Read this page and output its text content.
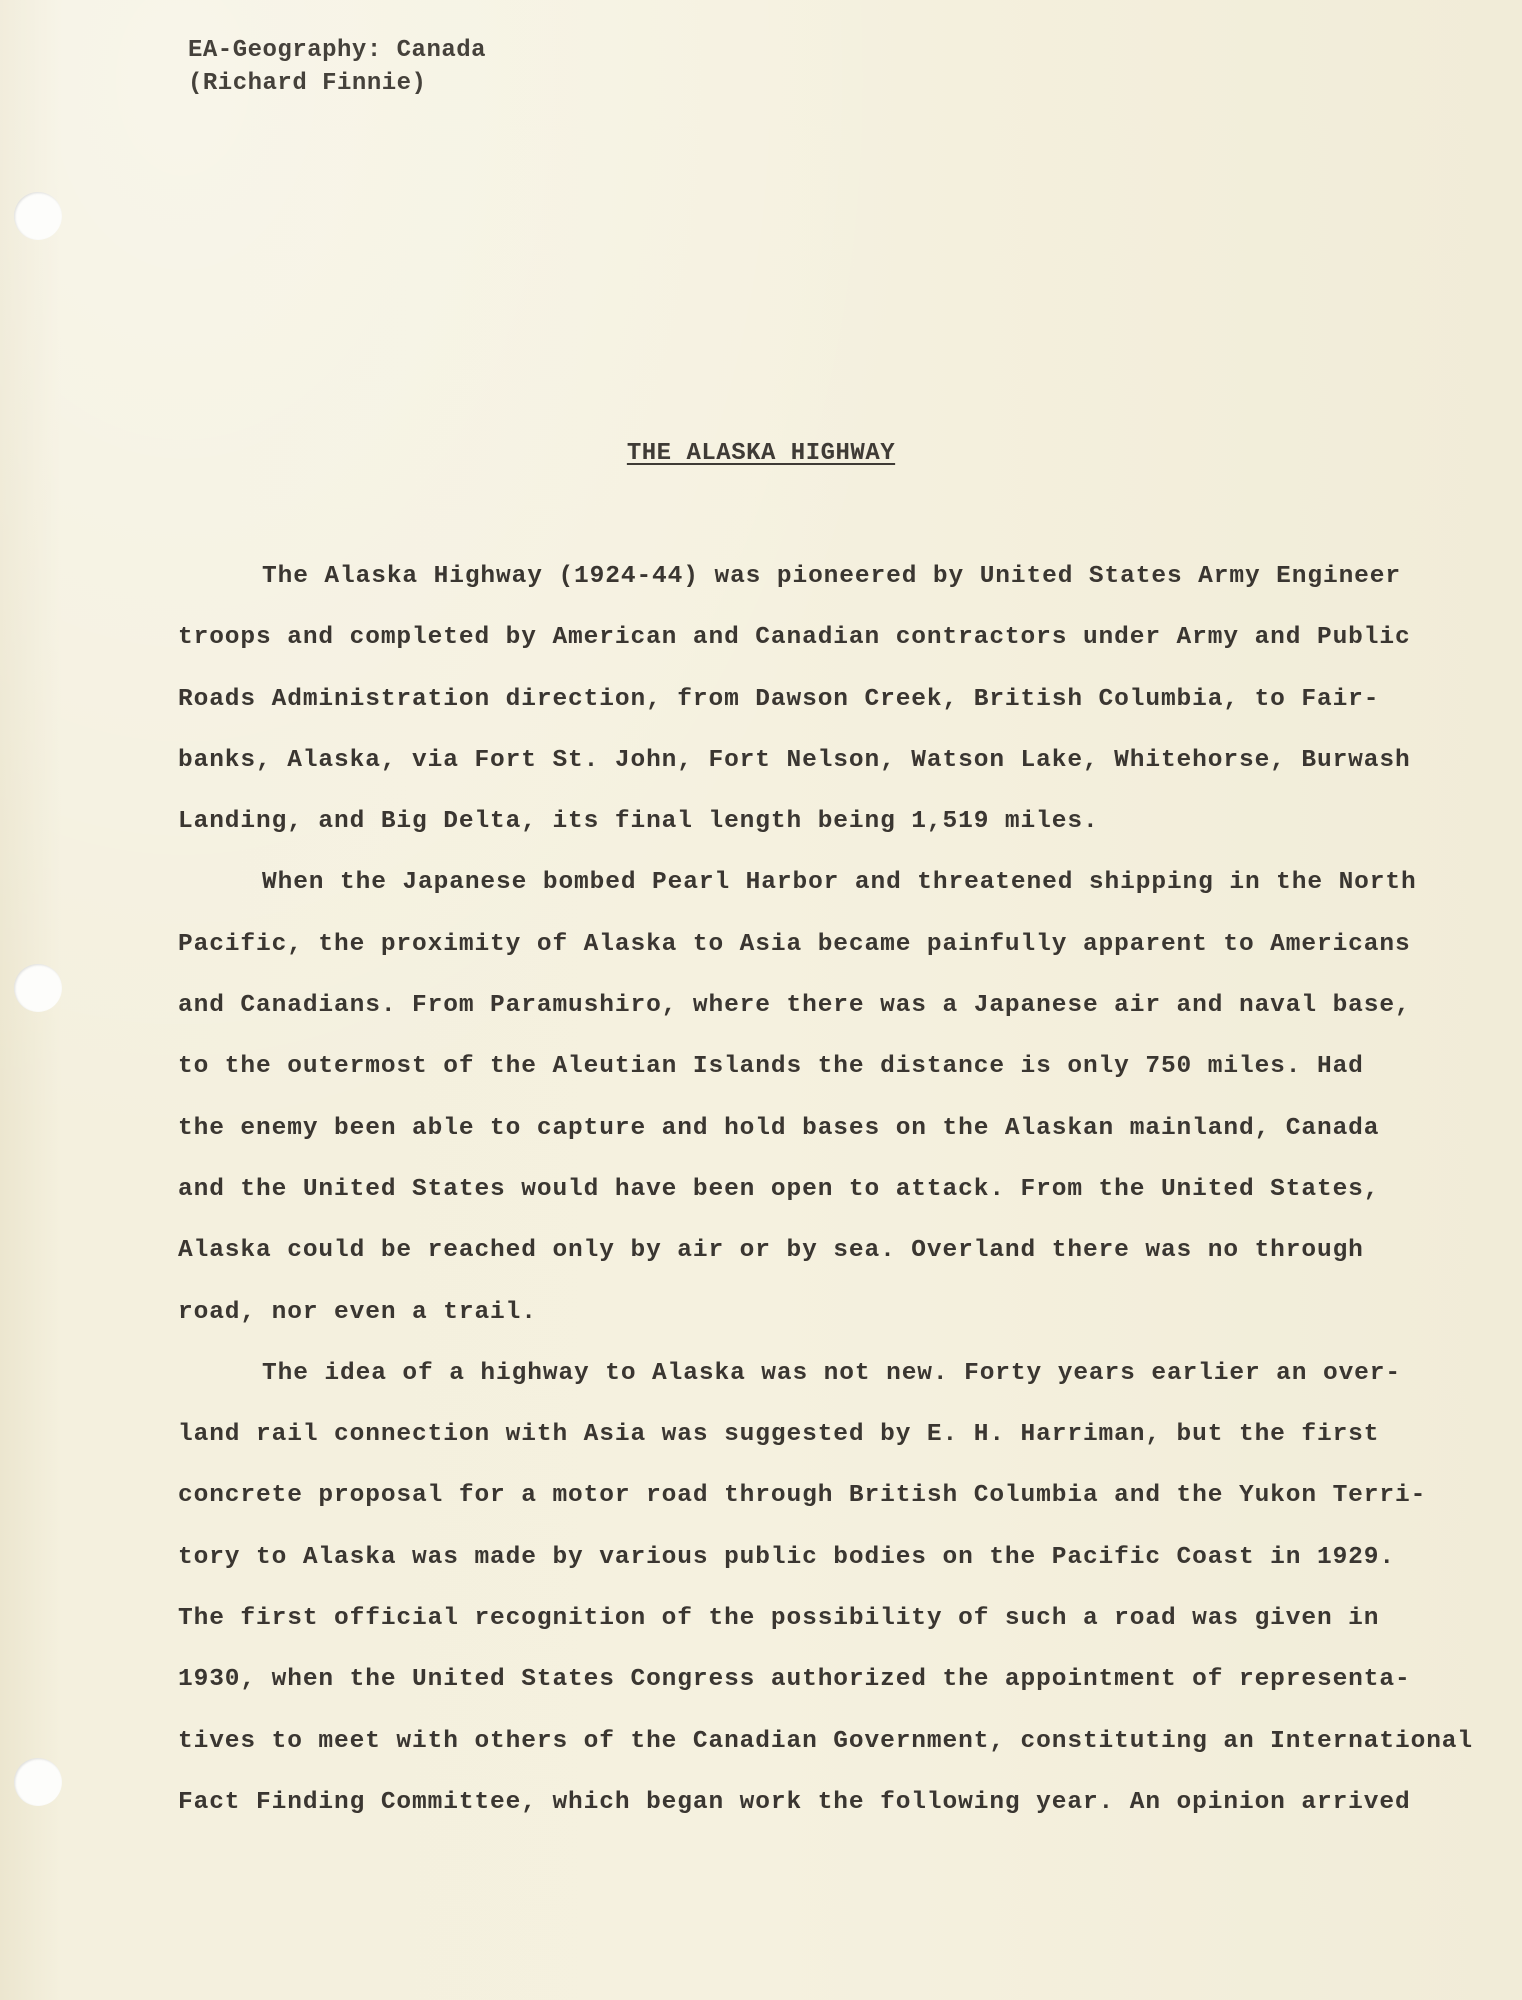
EA-Geography: Canada
(Richard Finnie)
THE ALASKA HIGHWAY
The Alaska Highway (1924-44) was pioneered by United States Army Engineer
troops and completed by American and Canadian contractors under Army and Public
Roads Administration direction, from Dawson Creek, British Columbia, to Fair-
banks, Alaska, via Fort St. John, Fort Nelson, Watson Lake, Whitehorse, Burwash
Landing, and Big Delta, its final length being 1,519 miles.
When the Japanese bombed Pearl Harbor and threatened shipping in the North
Pacific, the proximity of Alaska to Asia became painfully apparent to Americans
and Canadians. From Paramushiro, where there was a Japanese air and naval base,
to the outermost of the Aleutian Islands the distance is only 750 miles. Had
the enemy been able to capture and hold bases on the Alaskan mainland, Canada
and the United States would have been open to attack. From the United States,
Alaska could be reached only by air or by sea. Overland there was no through
road, nor even a trail.
The idea of a highway to Alaska was not new. Forty years earlier an over-
land rail connection with Asia was suggested by E. H. Harriman, but the first
concrete proposal for a motor road through British Columbia and the Yukon Terri-
tory to Alaska was made by various public bodies on the Pacific Coast in 1929.
The first official recognition of the possibility of such a road was given in
1930, when the United States Congress authorized the appointment of representa-
tives to meet with others of the Canadian Government, constituting an International
Fact Finding Committee, which began work the following year. An opinion arrived
